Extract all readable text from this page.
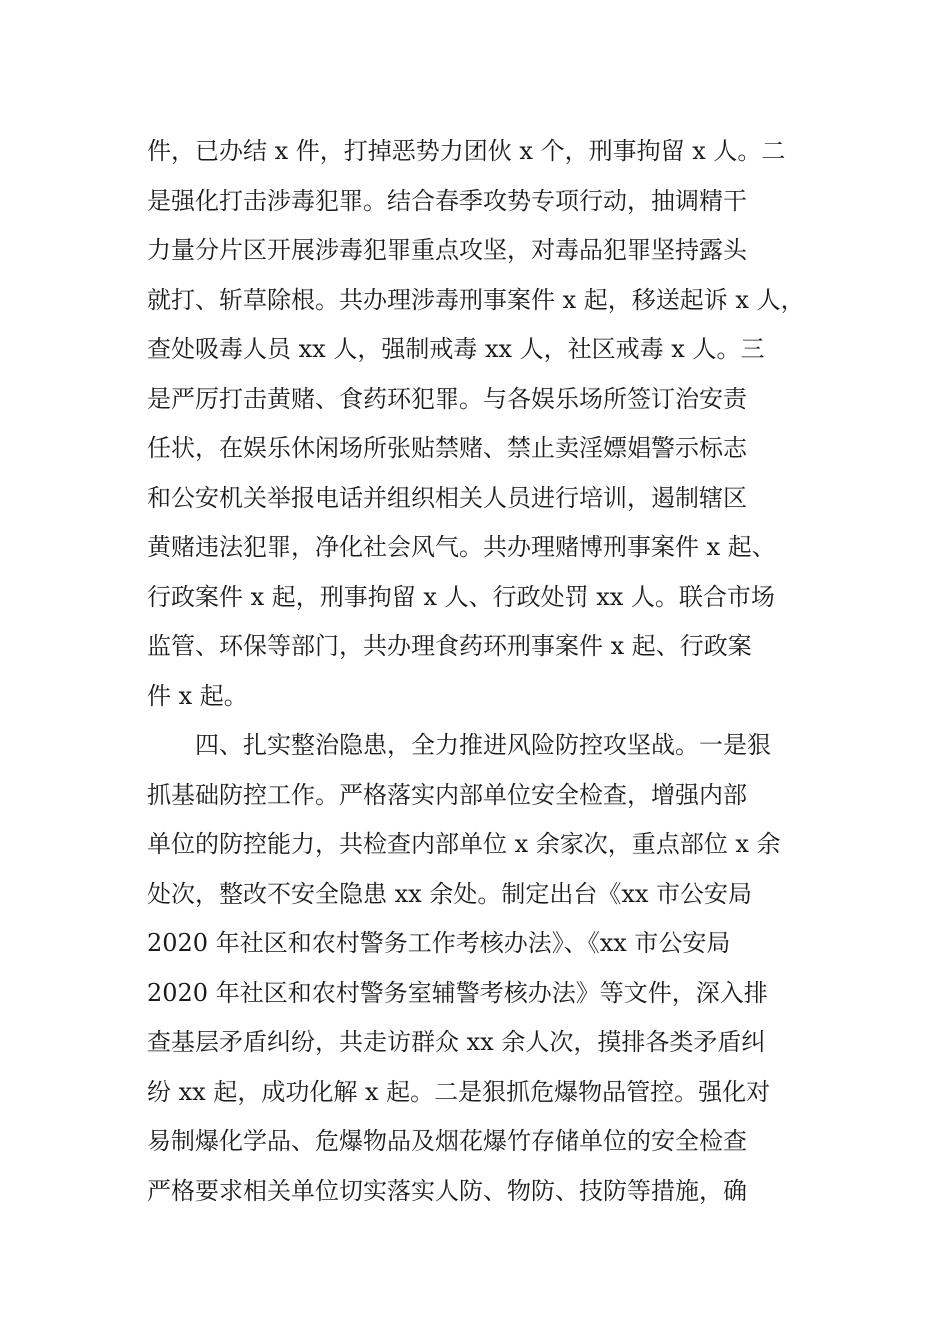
件，已办结 x 件，打掉恶势力团伙 x 个，刑事拘留 x 人。二
是强化打击涉毒犯罪。结合春季攻势专项行动，抽调精干
力量分片区开展涉毒犯罪重点攻坚，对毒品犯罪坚持露头
就打、斩草除根。共办理涉毒刑事案件 x 起，移送起诉 x 人，
查处吸毒人员 xx 人，强制戒毒 xx 人，社区戒毒 x 人。三
是严厉打击黄赌、食药环犯罪。与各娱乐场所签订治安责
任状，在娱乐休闲场所张贴禁赌、禁止卖淫嫖娼警示标志
和公安机关举报电话并组织相关人员进行培训，遏制辖区
黄赌违法犯罪，净化社会风气。共办理赌博刑事案件 x 起、
行政案件 x 起，刑事拘留 x 人、行政处罚 xx 人。联合市场
监管、环保等部门，共办理食药环刑事案件 x 起、行政案
件 x 起。
四、扎实整治隐患，全力推进风险防控攻坚战。一是狠
抓基础防控工作。严格落实内部单位安全检查，增强内部
单位的防控能力，共检查内部单位 x 余家次，重点部位 x 余
处次，整改不安全隐患 xx 余处。制定出台《xx 市公安局
2020 年社区和农村警务工作考核办法》、《xx 市公安局
2020 年社区和农村警务室辅警考核办法》等文件，深入排
查基层矛盾纠纷，共走访群众 xx 余人次，摸排各类矛盾纠
纷 xx 起，成功化解 x 起。二是狠抓危爆物品管控。强化对
易制爆化学品、危爆物品及烟花爆竹存储单位的安全检查
严格要求相关单位切实落实人防、物防、技防等措施，确
